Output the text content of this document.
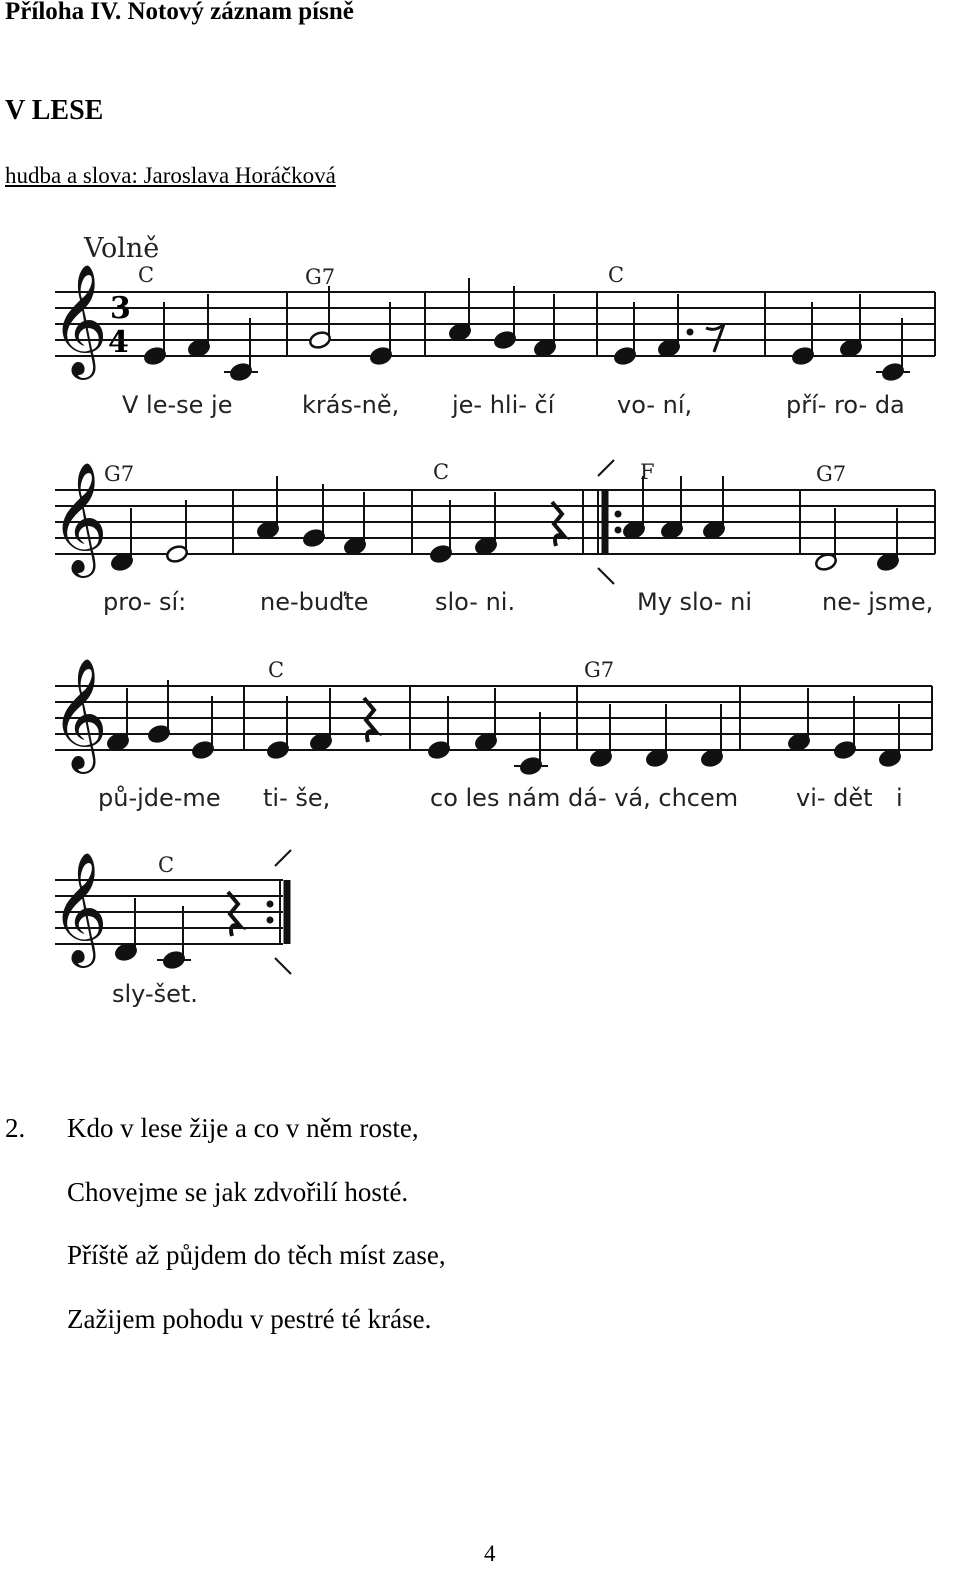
Příloha IV. Notový záznam písně
V LESE
hudba a slova: Jaroslava Horáčková
Volně
3
4
C	G7	C
V le-se je	krás-ně, je- hli- čí	vo- ní,	pří- ro- da
G7	C	F	G7
pro- sí:	ne-buďte	slo- ni.	My slo- ni	ne- jsme,
C	G7
pů-jde-me ti- še,	co les nám dá- vá, chcem vi- dět i
C
sly-šet.
𝄞
𝄞
𝄞
𝄞
2. Kdo v lese žije a co v něm roste,
Chovejme se jak zdvořilí hosté.
Příště až půjdem do těch míst zase,
Zažijem pohodu v pestré té kráse.
4
